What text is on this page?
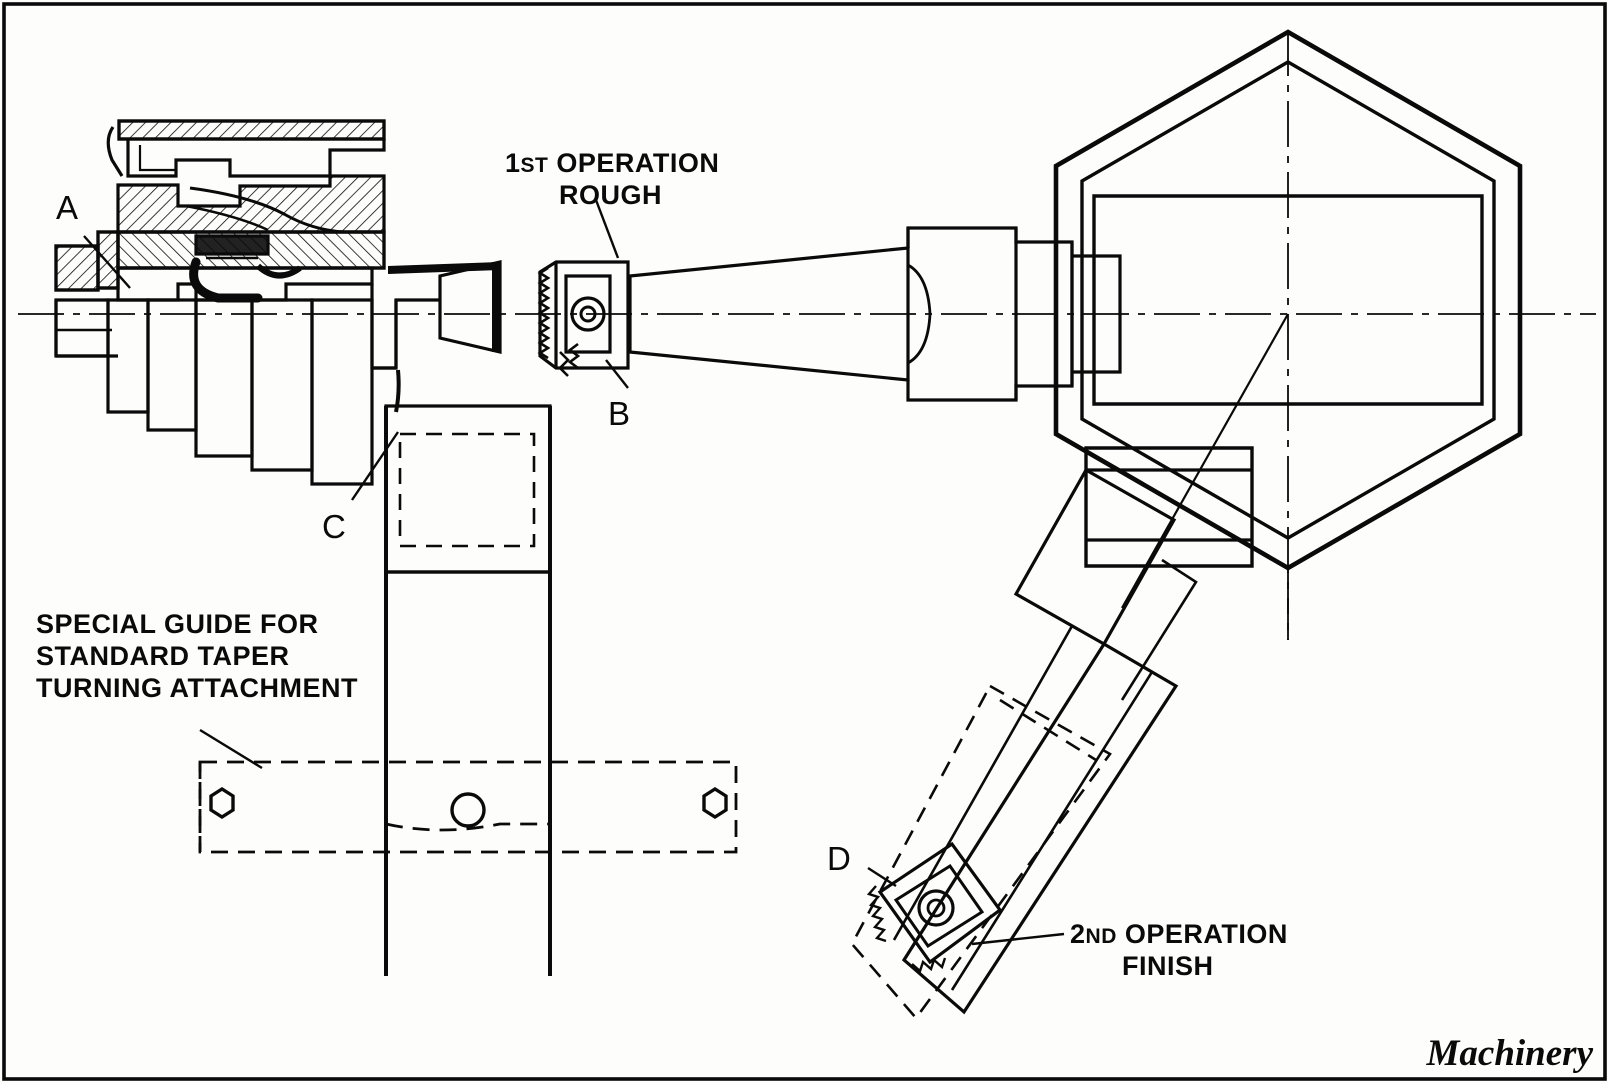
1ST OPERATION

ROUGH
2ND OPERATION

FINISH
SPECIAL GUIDE FOR
STANDARD TAPER
TURNING ATTACHMENT
A
B
C
D
Machinery
